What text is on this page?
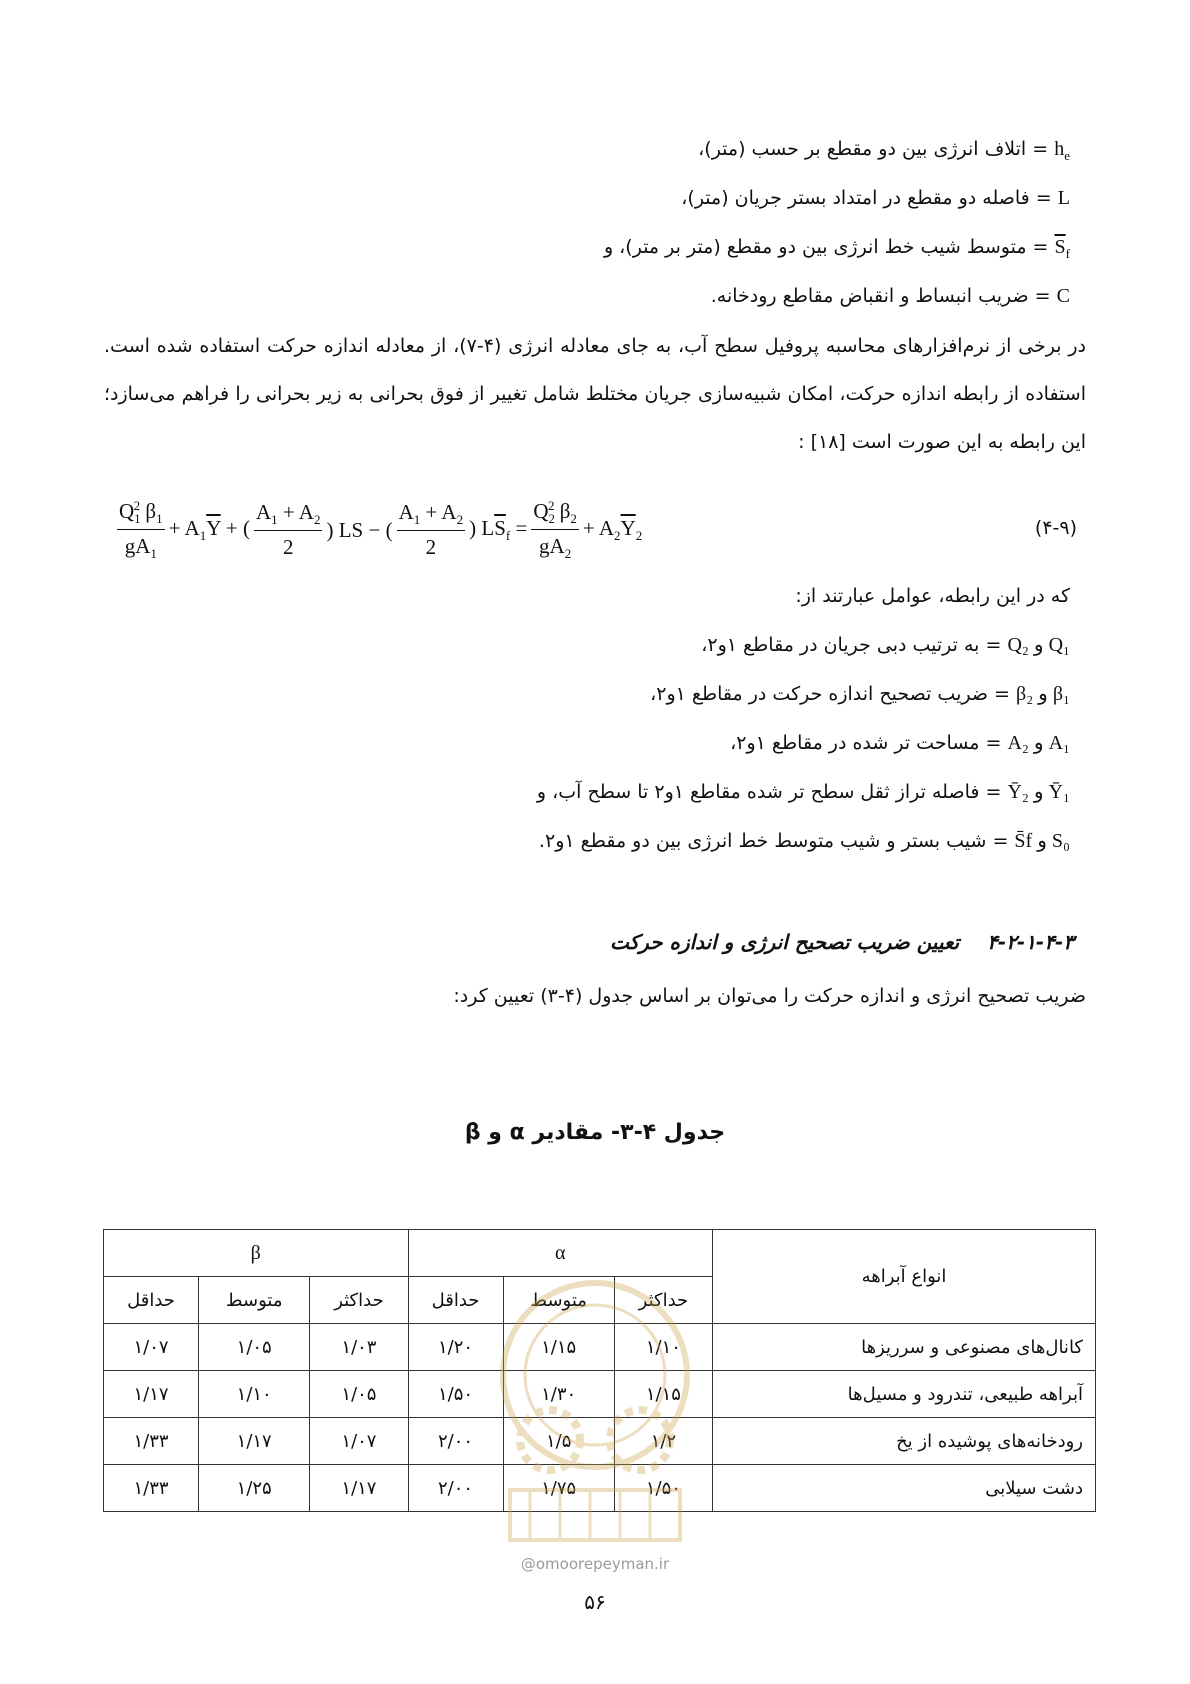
$h_e$ = اتلاف انرژی بین دو مقطع بر حسب (متر)،
L = فاصله دو مقطع در امتداد بستر جریان (متر)،
$S_f$ = متوسط شیب خط انرژی بین دو مقطع (متر بر متر)، و
C = ضریب انبساط و انقباض مقاطع رودخانه.

در برخی از نرم‌افزارهای محاسبه پروفیل سطح آب، به جای معادله انرژی (۴-۷)، از معادله اندازه حرکت استفاده شده است. استفاده از رابطه اندازه حرکت، امکان شبیه‌سازی جریان مختلط شامل تغییر از فوق بحرانی به زیر بحرانی را فراهم می‌سازد؛ این رابطه به این صورت است [۱۸] :

$\frac{Q_1^2 \beta_1}{gA_1} + A_1\overline{Y}$ + ( $\frac{A_1 + A_2}{2}$ ) LS − ( $\frac{A_1 + A_2}{2}$ ) $L\overline{S}_f = \frac{Q_2^2 \beta_2}{gA_2} + A_2\overline{Y}_2$	(۴-۹)
که در این رابطه، عوامل عبارتند از:
Q₁ و Q₂ = به ترتیب دبی جریان در مقاطع ۱و۲،
β₁ و β₂ = ضریب تصحیح اندازه حرکت در مقاطع ۱و۲،
A₁ و A₂ = مساحت تر شده در مقاطع ۱و۲،
Ȳ₁ و Ȳ₂ = فاصله تراز ثقل سطح تر شده مقاطع ۱و۲ تا سطح آب، و
S₀ و S̄f = شیب بستر و شیب متوسط خط انرژی بین دو مقطع ۱و۲.
۴-۲-۱-۴-۳    تعیین ضریب تصحیح انرژی و اندازه حرکت
ضریب تصحیح انرژی و اندازه حرکت را می‌توان بر اساس جدول (۴-۳) تعیین کرد:
جدول ۴-۳- مقادیر α و β
انواع آبراهه	α			β		
	حداکثر	متوسط	حداقل	حداکثر	متوسط	حداقل
کانال‌های مصنوعی و سرریزها	۱/۱۰	۱/۱۵	۱/۲۰	۱/۰۳	۱/۰۵	۱/۰۷
آبراهه طبیعی، تندرود و مسیل‌ها	۱/۱۵	۱/۳۰	۱/۵۰	۱/۰۵	۱/۱۰	۱/۱۷
رودخانه‌های پوشیده از یخ	۱/۲	۱/۵	۲/۰۰	۱/۰۷	۱/۱۷	۱/۳۳
دشت سیلابی	۱/۵۰	۱/۷۵	۲/۰۰	۱/۱۷	۱/۲۵	۱/۳۳
@omoorepeyman.ir
۵۶
